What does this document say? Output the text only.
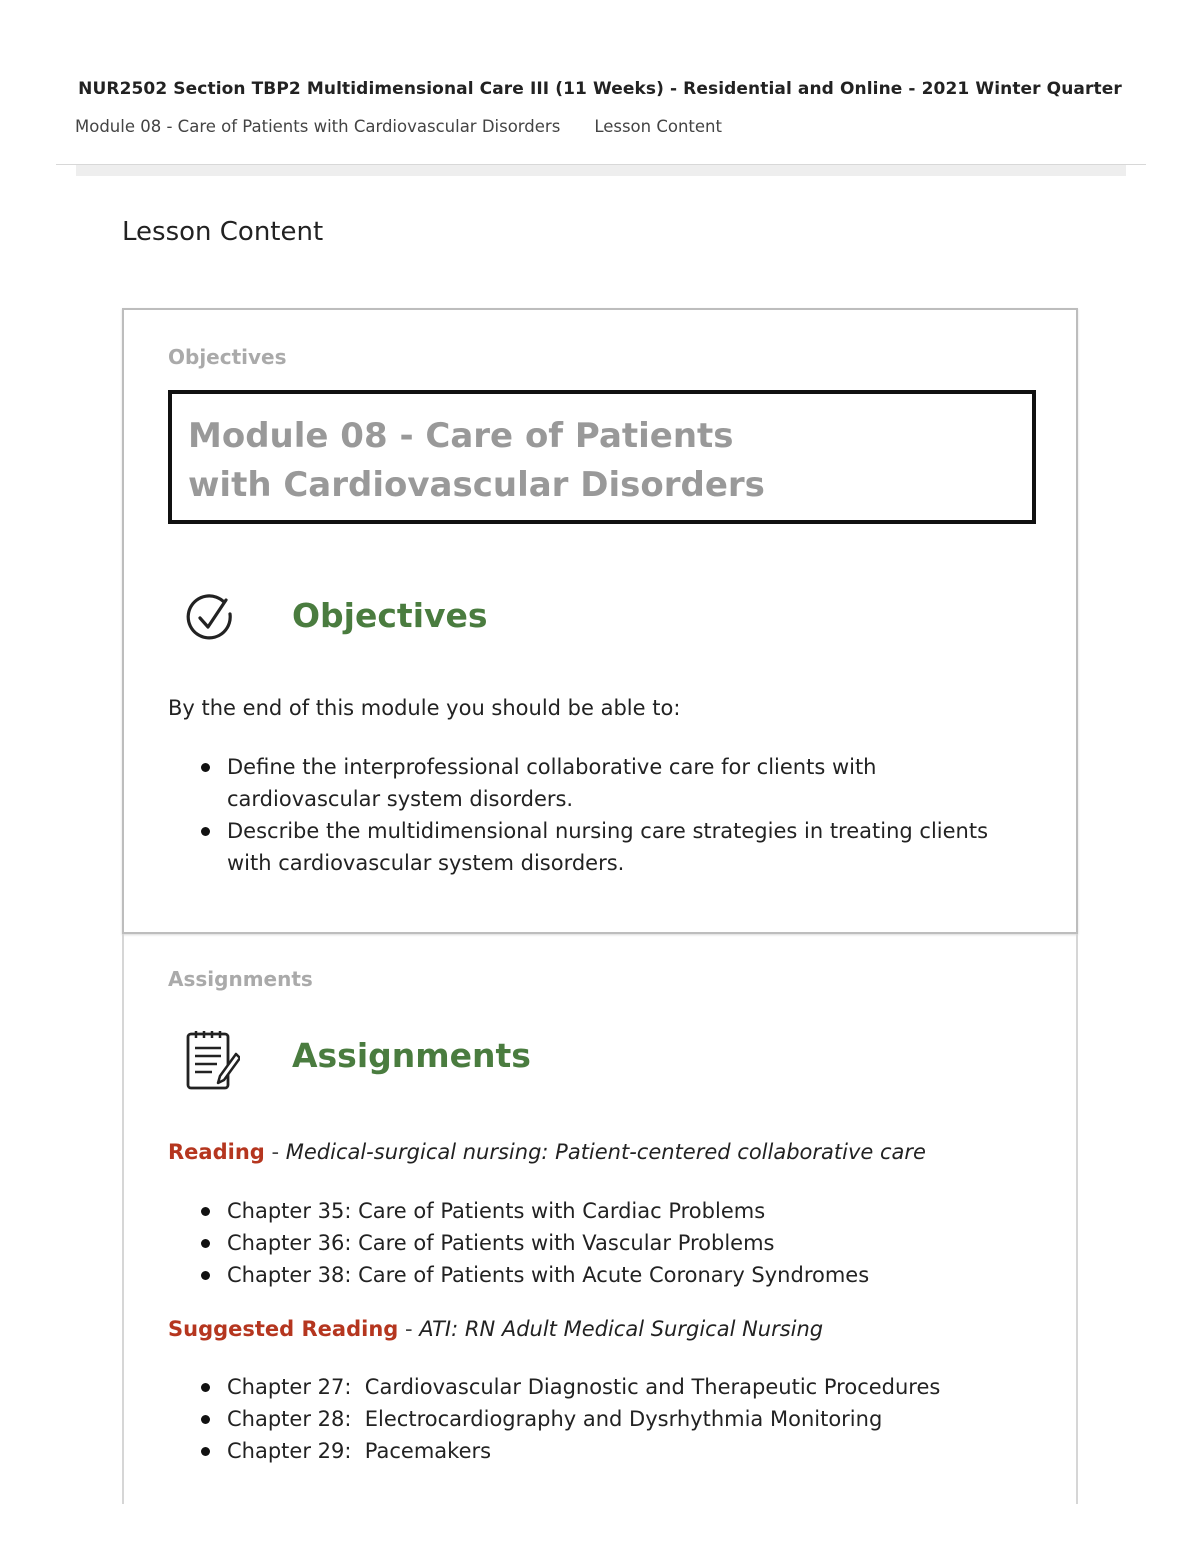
NUR2502 Section TBP2 Multidimensional Care III (11 Weeks) - Residential and Online - 2021 Winter Quarter
Module 08 - Care of Patients with Cardiovascular Disorders Lesson Content
Lesson Content
Objectives
Module 08 - Care of Patients with Cardiovascular Disorders
Objectives
By the end of this module you should be able to:
Define the interprofessional collaborative care for clients with cardiovascular system disorders.
Describe the multidimensional nursing care strategies in treating clients with cardiovascular system disorders.
Assignments
Assignments
Reading - Medical-surgical nursing: Patient-centered collaborative care
Chapter 35: Care of Patients with Cardiac Problems
Chapter 36: Care of Patients with Vascular Problems
Chapter 38: Care of Patients with Acute Coronary Syndromes
Suggested Reading - ATI: RN Adult Medical Surgical Nursing
Chapter 27:  Cardiovascular Diagnostic and Therapeutic Procedures
Chapter 28:  Electrocardiography and Dysrhythmia Monitoring
Chapter 29:  Pacemakers
